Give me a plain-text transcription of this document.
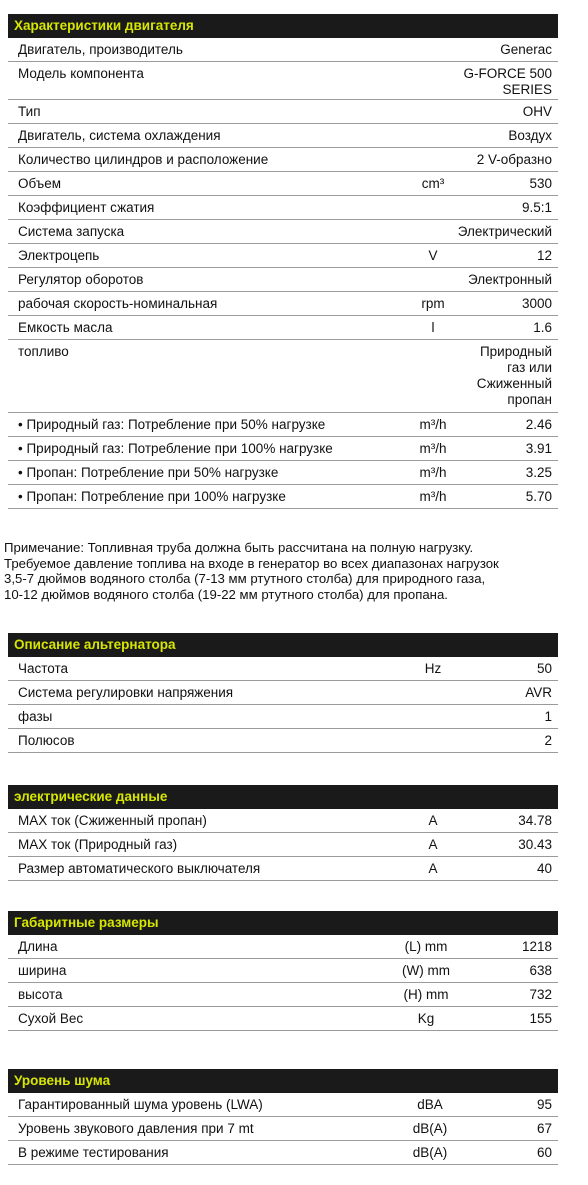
Характеристики двигателя
Двигатель, производитель	Generac
Модель компонента	G-FORCE 500
SERIES
Тип	OHV
Двигатель, система охлаждения	Воздух
Количество цилиндров и расположение	2 V-образно
Объем	cm³	530
Коэффициент сжатия	9.5:1
Система запуска	Электрический
Электроцепь	V	12
Регулятор оборотов	Электронный
рабочая скорость-номинальная	rpm	3000
Емкость масла	l	1.6
топливо	Природный
газ или
Сжиженный
пропан
• Природный газ: Потребление при 50% нагрузке	m³/h	2.46
• Природный газ: Потребление при 100% нагрузке	m³/h	3.91
• Пропан: Потребление при 50% нагрузке	m³/h	3.25
• Пропан: Потребление при 100% нагрузке	m³/h	5.70
Примечание: Топливная труба должна быть рассчитана на полную нагрузку.
Требуемое давление топлива на входе в генератор во всех диапазонах нагрузок
3,5-7 дюймов водяного столба (7-13 мм ртутного столба) для природного газа,
10-12 дюймов водяного столба (19-22 мм ртутного столба) для пропана.
Описание альтернатора
Частота	Hz	50
Система регулировки напряжения	AVR
фазы	1
Полюсов	2
электрические данные
MAX ток (Сжиженный пропан)	A	34.78
MAX ток (Природный газ)	A	30.43
Размер автоматического выключателя	A	40
Габаритные размеры
Длина	(L) mm	1218
ширина	(W) mm	638
высота	(H) mm	732
Сухой Вес	Kg	155
Уровень шума
Гарантированный шума уровень (LWA)	dBA	95
Уровень звукового давления при 7 mt	dB(A)	67
В режиме тестирования	dB(A)	60
